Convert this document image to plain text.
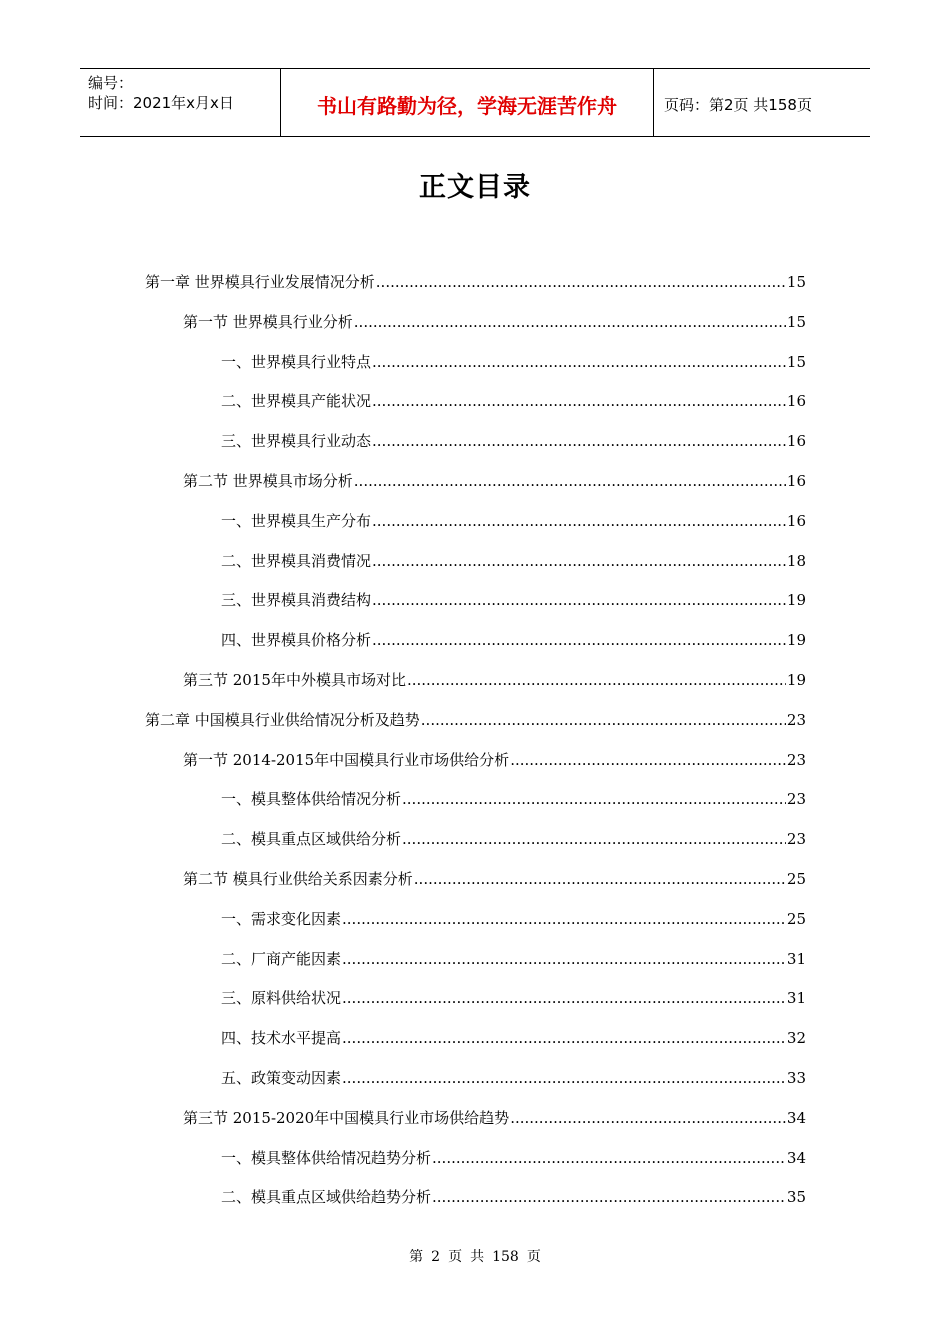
编号：
时间：2021年x月x日	书山有路勤为径，学海无涯苦作舟	页码：第2页 共158页
正文目录
第一章 世界模具行业发展情况分析 .....	15
第一节 世界模具行业分析 .....	15
一、世界模具行业特点 .....	15
二、世界模具产能状况 .....	16
三、世界模具行业动态 .....	16
第二节 世界模具市场分析 .....	16
一、世界模具生产分布 .....	16
二、世界模具消费情况 .....	18
三、世界模具消费结构 .....	19
四、世界模具价格分析 .....	19
第三节 2015年中外模具市场对比 .....	19
第二章 中国模具行业供给情况分析及趋势 .....	23
第一节 2014-2015年中国模具行业市场供给分析 .....	23
一、模具整体供给情况分析 .....	23
二、模具重点区域供给分析 .....	23
第二节 模具行业供给关系因素分析 .....	25
一、需求变化因素 .....	25
二、厂商产能因素 .....	31
三、原料供给状况 .....	31
四、技术水平提高 .....	32
五、政策变动因素 .....	33
第三节 2015-2020年中国模具行业市场供给趋势 .....	34
一、模具整体供给情况趋势分析 .....	34
二、模具重点区域供给趋势分析 .....	35
第 2 页 共 158 页
